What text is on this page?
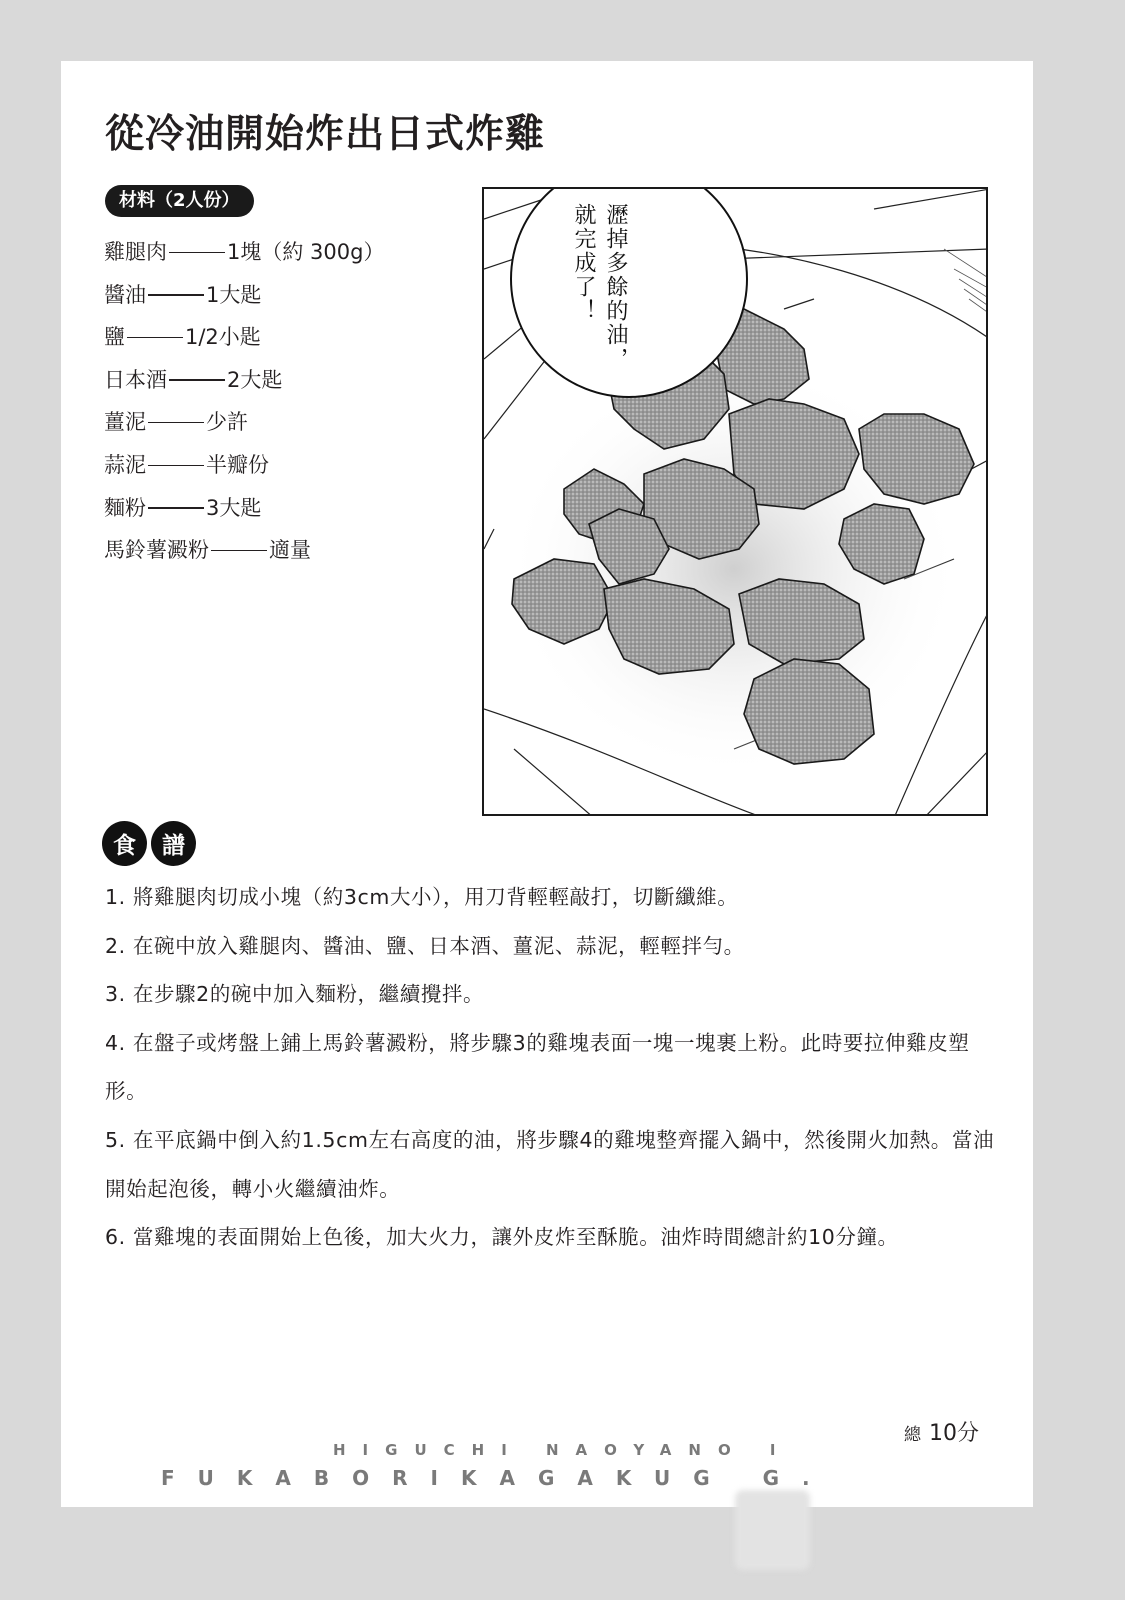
從冷油開始炸出日式炸雞
材料（2人份）
雞腿肉	1塊（約 300g）
醬油	1大匙
鹽	1/2小匙
日本酒	2大匙
薑泥	少許
蒜泥	半瓣份
麵粉	3大匙
馬鈴薯澱粉	適量
瀝掉多餘的油，
就完成了！
食	譜
1. 將雞腿肉切成小塊（約3cm大小），用刀背輕輕敲打，切斷纖維。
2. 在碗中放入雞腿肉、醬油、鹽、日本酒、薑泥、蒜泥，輕輕拌勻。
3. 在步驟2的碗中加入麵粉，繼續攪拌。
4. 在盤子或烤盤上鋪上馬鈴薯澱粉，將步驟3的雞塊表面一塊一塊裹上粉。此時要拉伸雞皮塑形。
5. 在平底鍋中倒入約1.5cm左右高度的油，將步驟4的雞塊整齊擺入鍋中，然後開火加熱。當油開始起泡後，轉小火繼續油炸。
6. 當雞塊的表面開始上色後，加大火力，讓外皮炸至酥脆。油炸時間總計約10分鐘。
總 10分
HIGUCHI NAOYANO I
FUKABORIKAGAKUG G.
